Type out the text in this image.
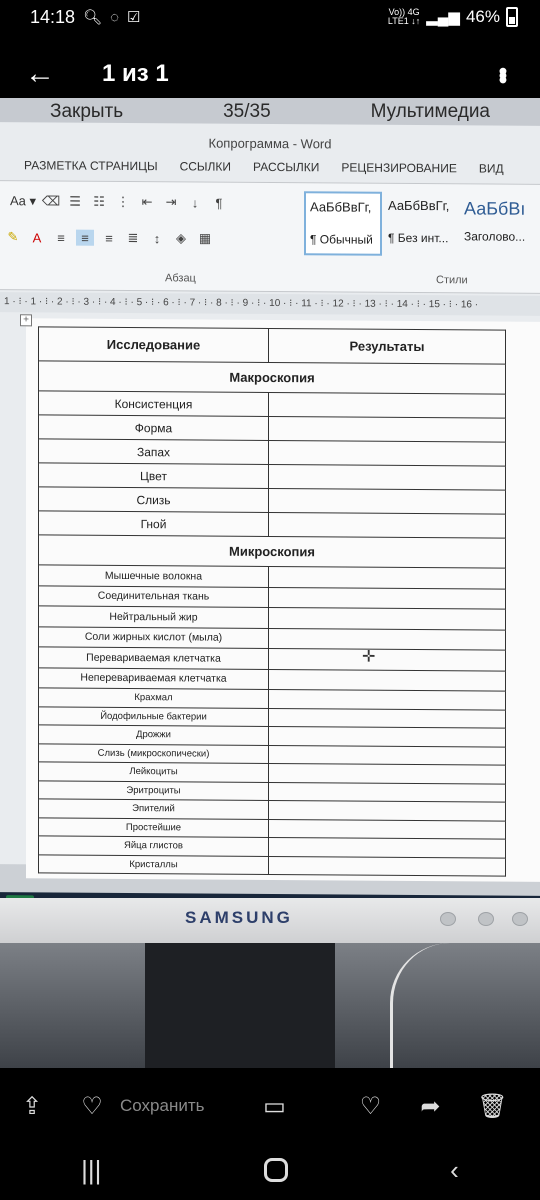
14:18 🔍︎ ◌ ☑	Vo)) 4G
LTE1 ↓↑ ▂▄▆ 46%
← 1 из 1	•••
Закрыть	35/35	Мультимедиа
Копрограмма - Word
РАЗМЕТКА СТРАНИЦЫ ССЫЛКИ РАССЫЛКИ РЕЦЕНЗИРОВАНИЕ ВИД
Aa ▾ ⌫ ☰ ☷ ⋮ ⇤ ⇥	↓	¶
✎	A	≡	≡	≡	≣	↕	◈ ▦
Абзац	Стили
АаБбВвГг,
¶ Обычный
АаБбВвГг,
¶ Без инт...
АаБбВı
Заголово...
1 · ⁝ · 1 · ⁝ · 2 · ⁝ · 3 · ⁝ · 4 · ⁝ · 5 · ⁝ · 6 · ⁝ · 7 · ⁝ · 8 · ⁝ · 9 · ⁝ · 10 · ⁝ · 11 · ⁝ · 12 · ⁝ · 13 · ⁝ · 14 · ⁝ · 15 · ⁝ · 16 ·
+
Исследование	Результаты
Макроскопия	
Консистенция	
Форма	
Запах	
Цвет	
Слизь	
Гной	
Микроскопия	
Мышечные волокна	
Соединительная ткань	
Нейтральный жир	
Соли жирных кислот (мыла)	
Переваривaемая клетчатка	
Непереваривaемая клетчатка	
Крахмал	
Йодофильные бактерии	
Дрожжи	
Слизь (микроскопически)	
Лейкоциты	
Эритроциты	
Эпителий	
Простейшие	
Яйца глистов	
Кристаллы	
✛
SAMSUNG
⇪	♡	Сохранить	▭	♡	➦	🗑︎
|||	‹
